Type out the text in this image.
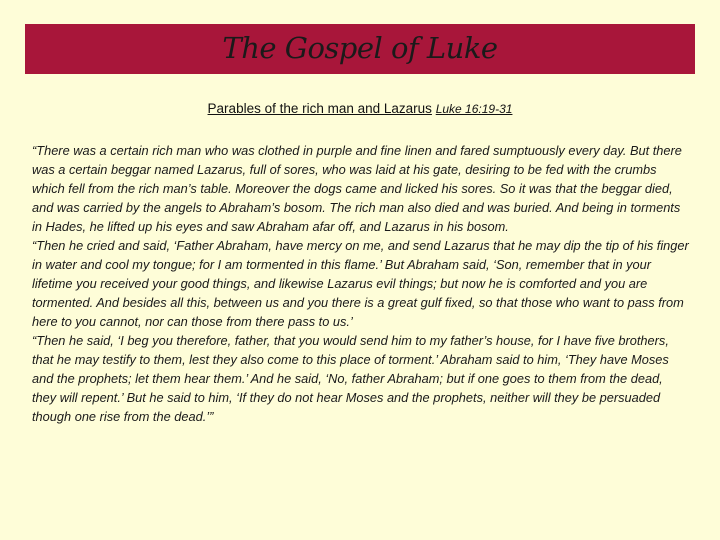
The Gospel of Luke
Parables of the rich man and Lazarus Luke 16:19-31

“There was a certain rich man who was clothed in purple and fine linen and fared sumptuously every day. But there was a certain beggar named Lazarus, full of sores, who was laid at his gate, desiring to be fed with the crumbs which fell from the rich man’s table. Moreover the dogs came and licked his sores. So it was that the beggar died, and was carried by the angels to Abraham’s bosom. The rich man also died and was buried. And being in torments in Hades, he lifted up his eyes and saw Abraham afar off, and Lazarus in his bosom.

“Then he cried and said, ‘Father Abraham, have mercy on me, and send Lazarus that he may dip the tip of his finger in water and cool my tongue; for I am tormented in this flame.’ But Abraham said, ‘Son, remember that in your lifetime you received your good things, and likewise Lazarus evil things; but now he is comforted and you are tormented. And besides all this, between us and you there is a great gulf fixed, so that those who want to pass from here to you cannot, nor can those from there pass to us.’

“Then he said, ‘I beg you therefore, father, that you would send him to my father’s house, for I have five brothers, that he may testify to them, lest they also come to this place of torment.’ Abraham said to him, ‘They have Moses and the prophets; let them hear them.’ And he said, ‘No, father Abraham; but if one goes to them from the dead, they will repent.’ But he said to him, ‘If they do not hear Moses and the prophets, neither will they be persuaded though one rise from the dead.’”
